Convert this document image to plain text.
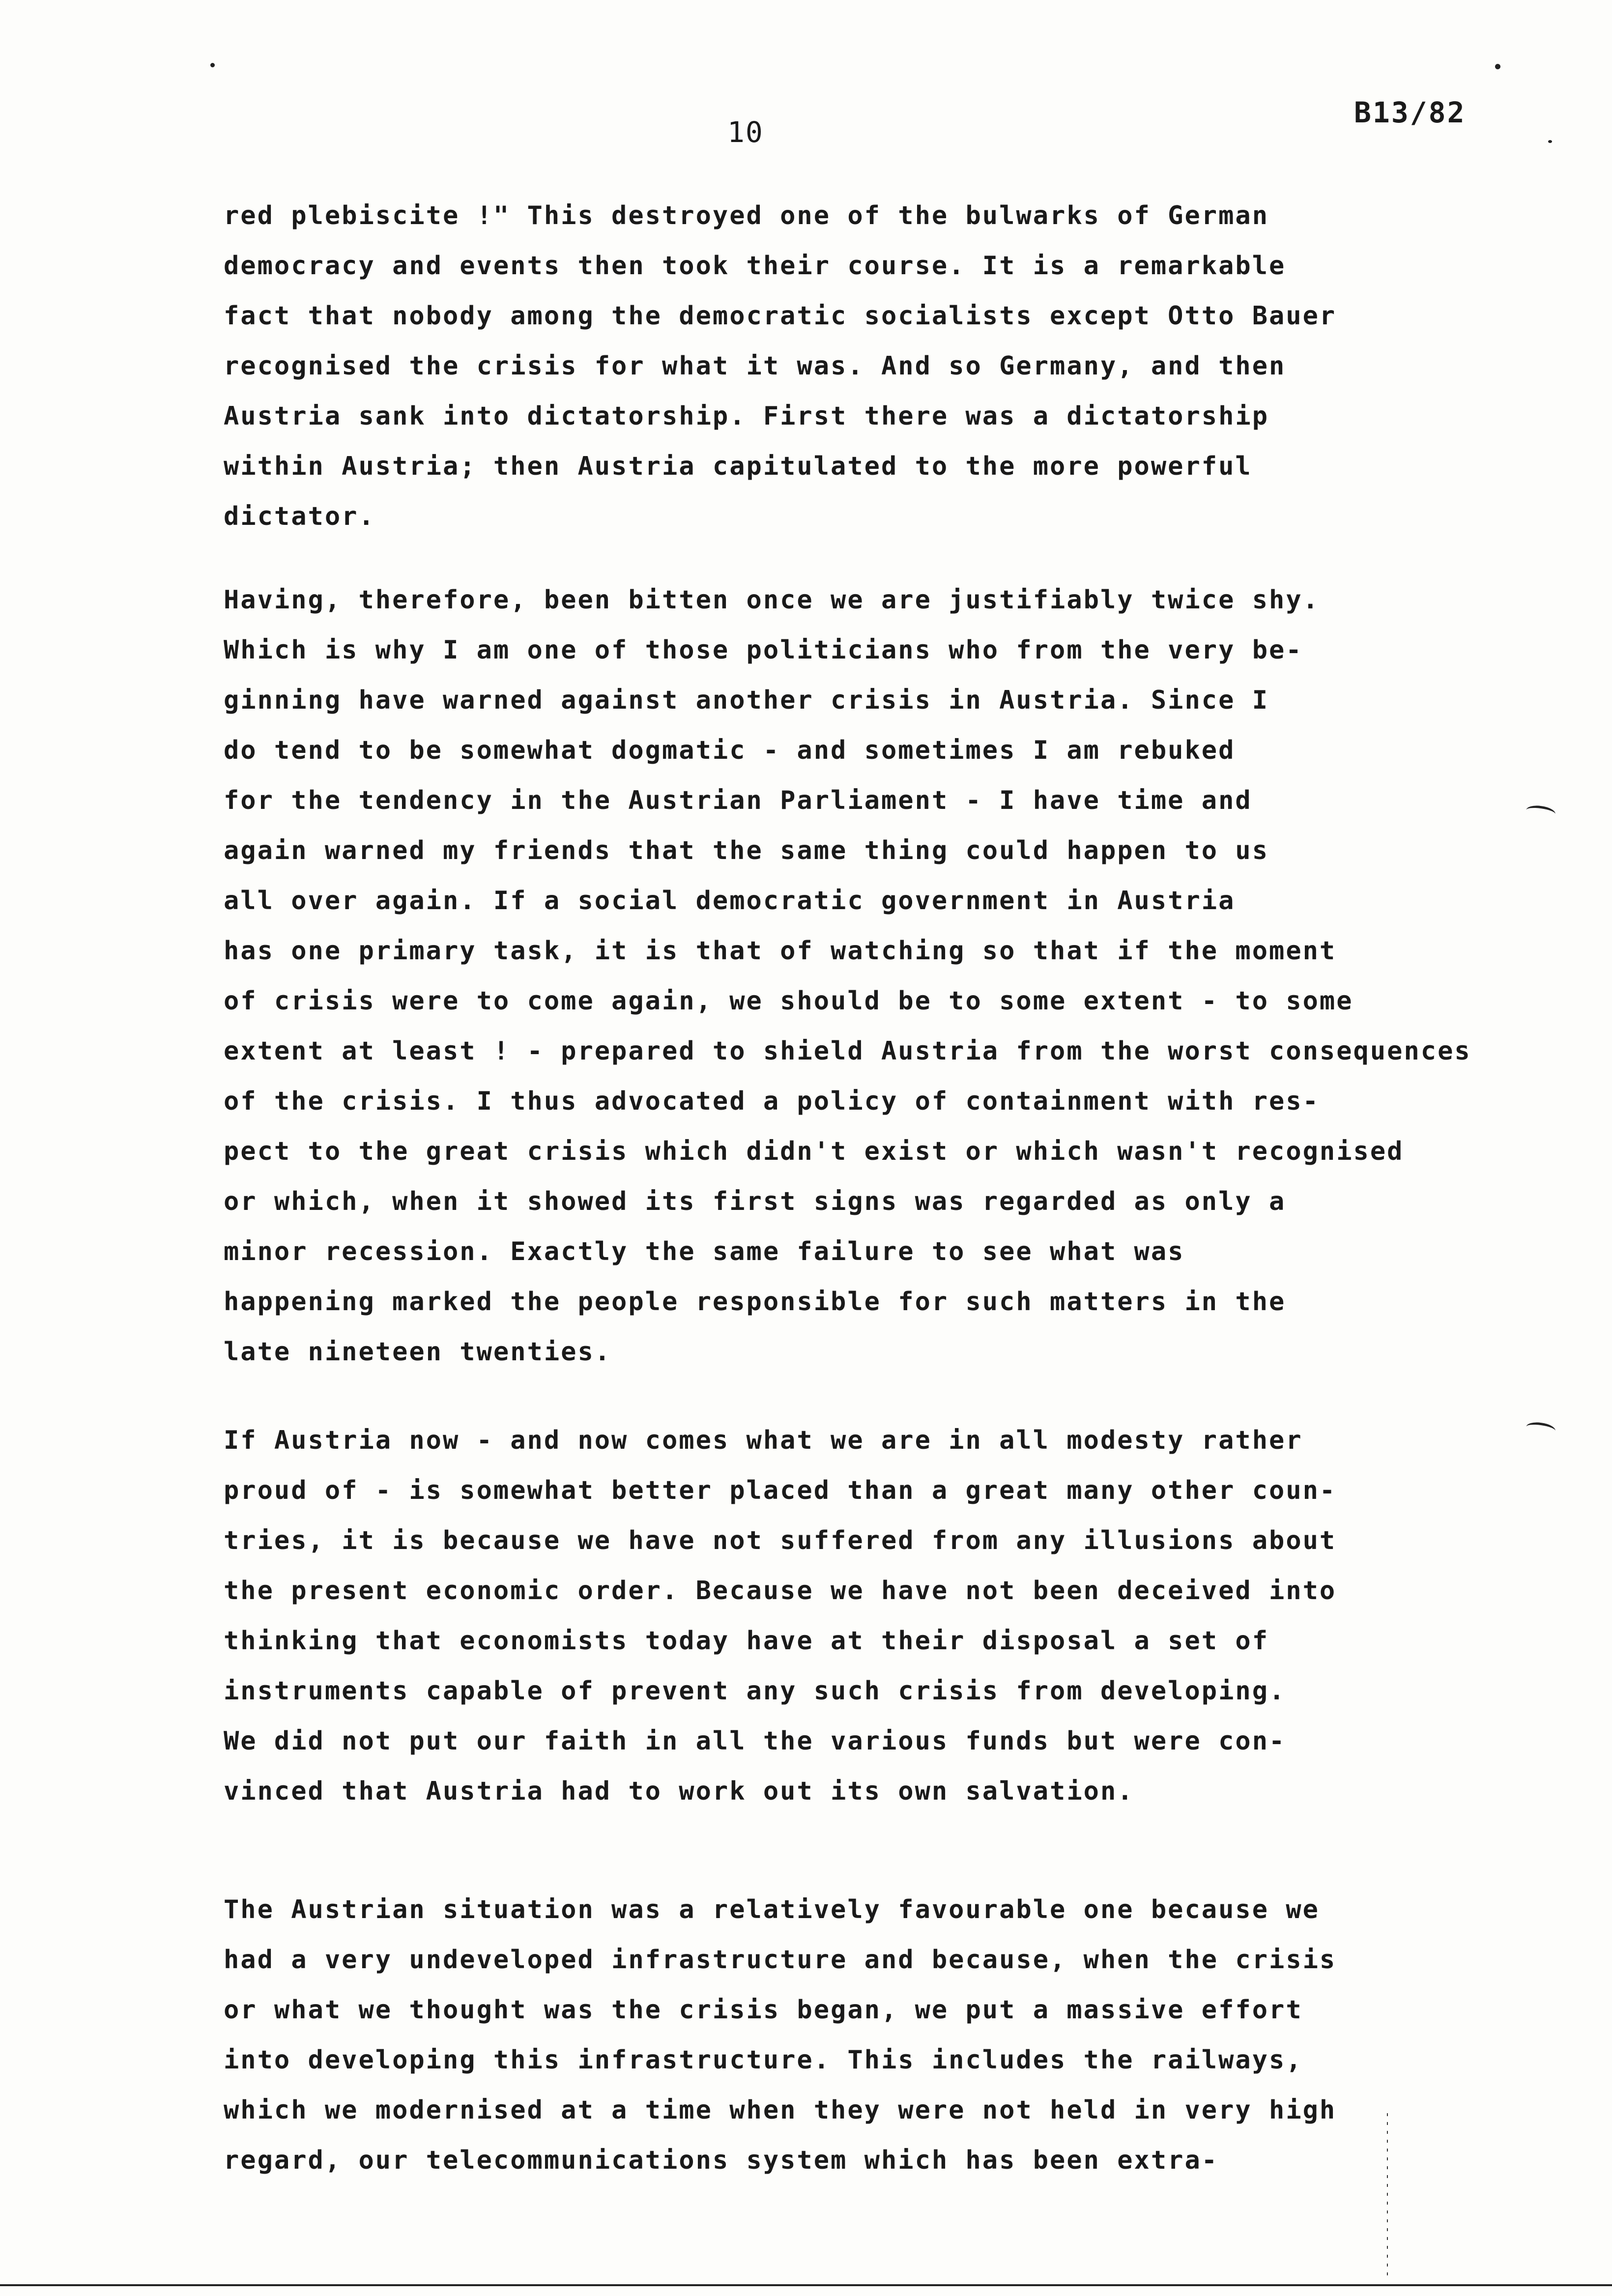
10
B13/82
red plebiscite !" This destroyed one of the bulwarks of German
democracy and events then took their course. It is a remarkable
fact that nobody among the democratic socialists except Otto Bauer
recognised the crisis for what it was. And so Germany, and then
Austria sank into dictatorship. First there was a dictatorship
within Austria; then Austria capitulated to the more powerful
dictator.
Having, therefore, been bitten once we are justifiably twice shy.
Which is why I am one of those politicians who from the very be-
ginning have warned against another crisis in Austria. Since I
do tend to be somewhat dogmatic - and sometimes I am rebuked
for the tendency in the Austrian Parliament - I have time and
again warned my friends that the same thing could happen to us
all over again. If a social democratic government in Austria
has one primary task, it is that of watching so that if the moment
of crisis were to come again, we should be to some extent - to some
extent at least ! - prepared to shield Austria from the worst consequences
of the crisis. I thus advocated a policy of containment with res-
pect to the great crisis which didn't exist or which wasn't recognised
or which, when it showed its first signs was regarded as only a
minor recession. Exactly the same failure to see what was
happening marked the people responsible for such matters in the
late nineteen twenties.
If Austria now - and now comes what we are in all modesty rather
proud of - is somewhat better placed than a great many other coun-
tries, it is because we have not suffered from any illusions about
the present economic order. Because we have not been deceived into
thinking that economists today have at their disposal a set of
instruments capable of prevent any such crisis from developing.
We did not put our faith in all the various funds but were con-
vinced that Austria had to work out its own salvation.
The Austrian situation was a relatively favourable one because we
had a very undeveloped infrastructure and because, when the crisis
or what we thought was the crisis began, we put a massive effort
into developing this infrastructure. This includes the railways,
which we modernised at a time when they were not held in very high
regard, our telecommunications system which has been extra-
